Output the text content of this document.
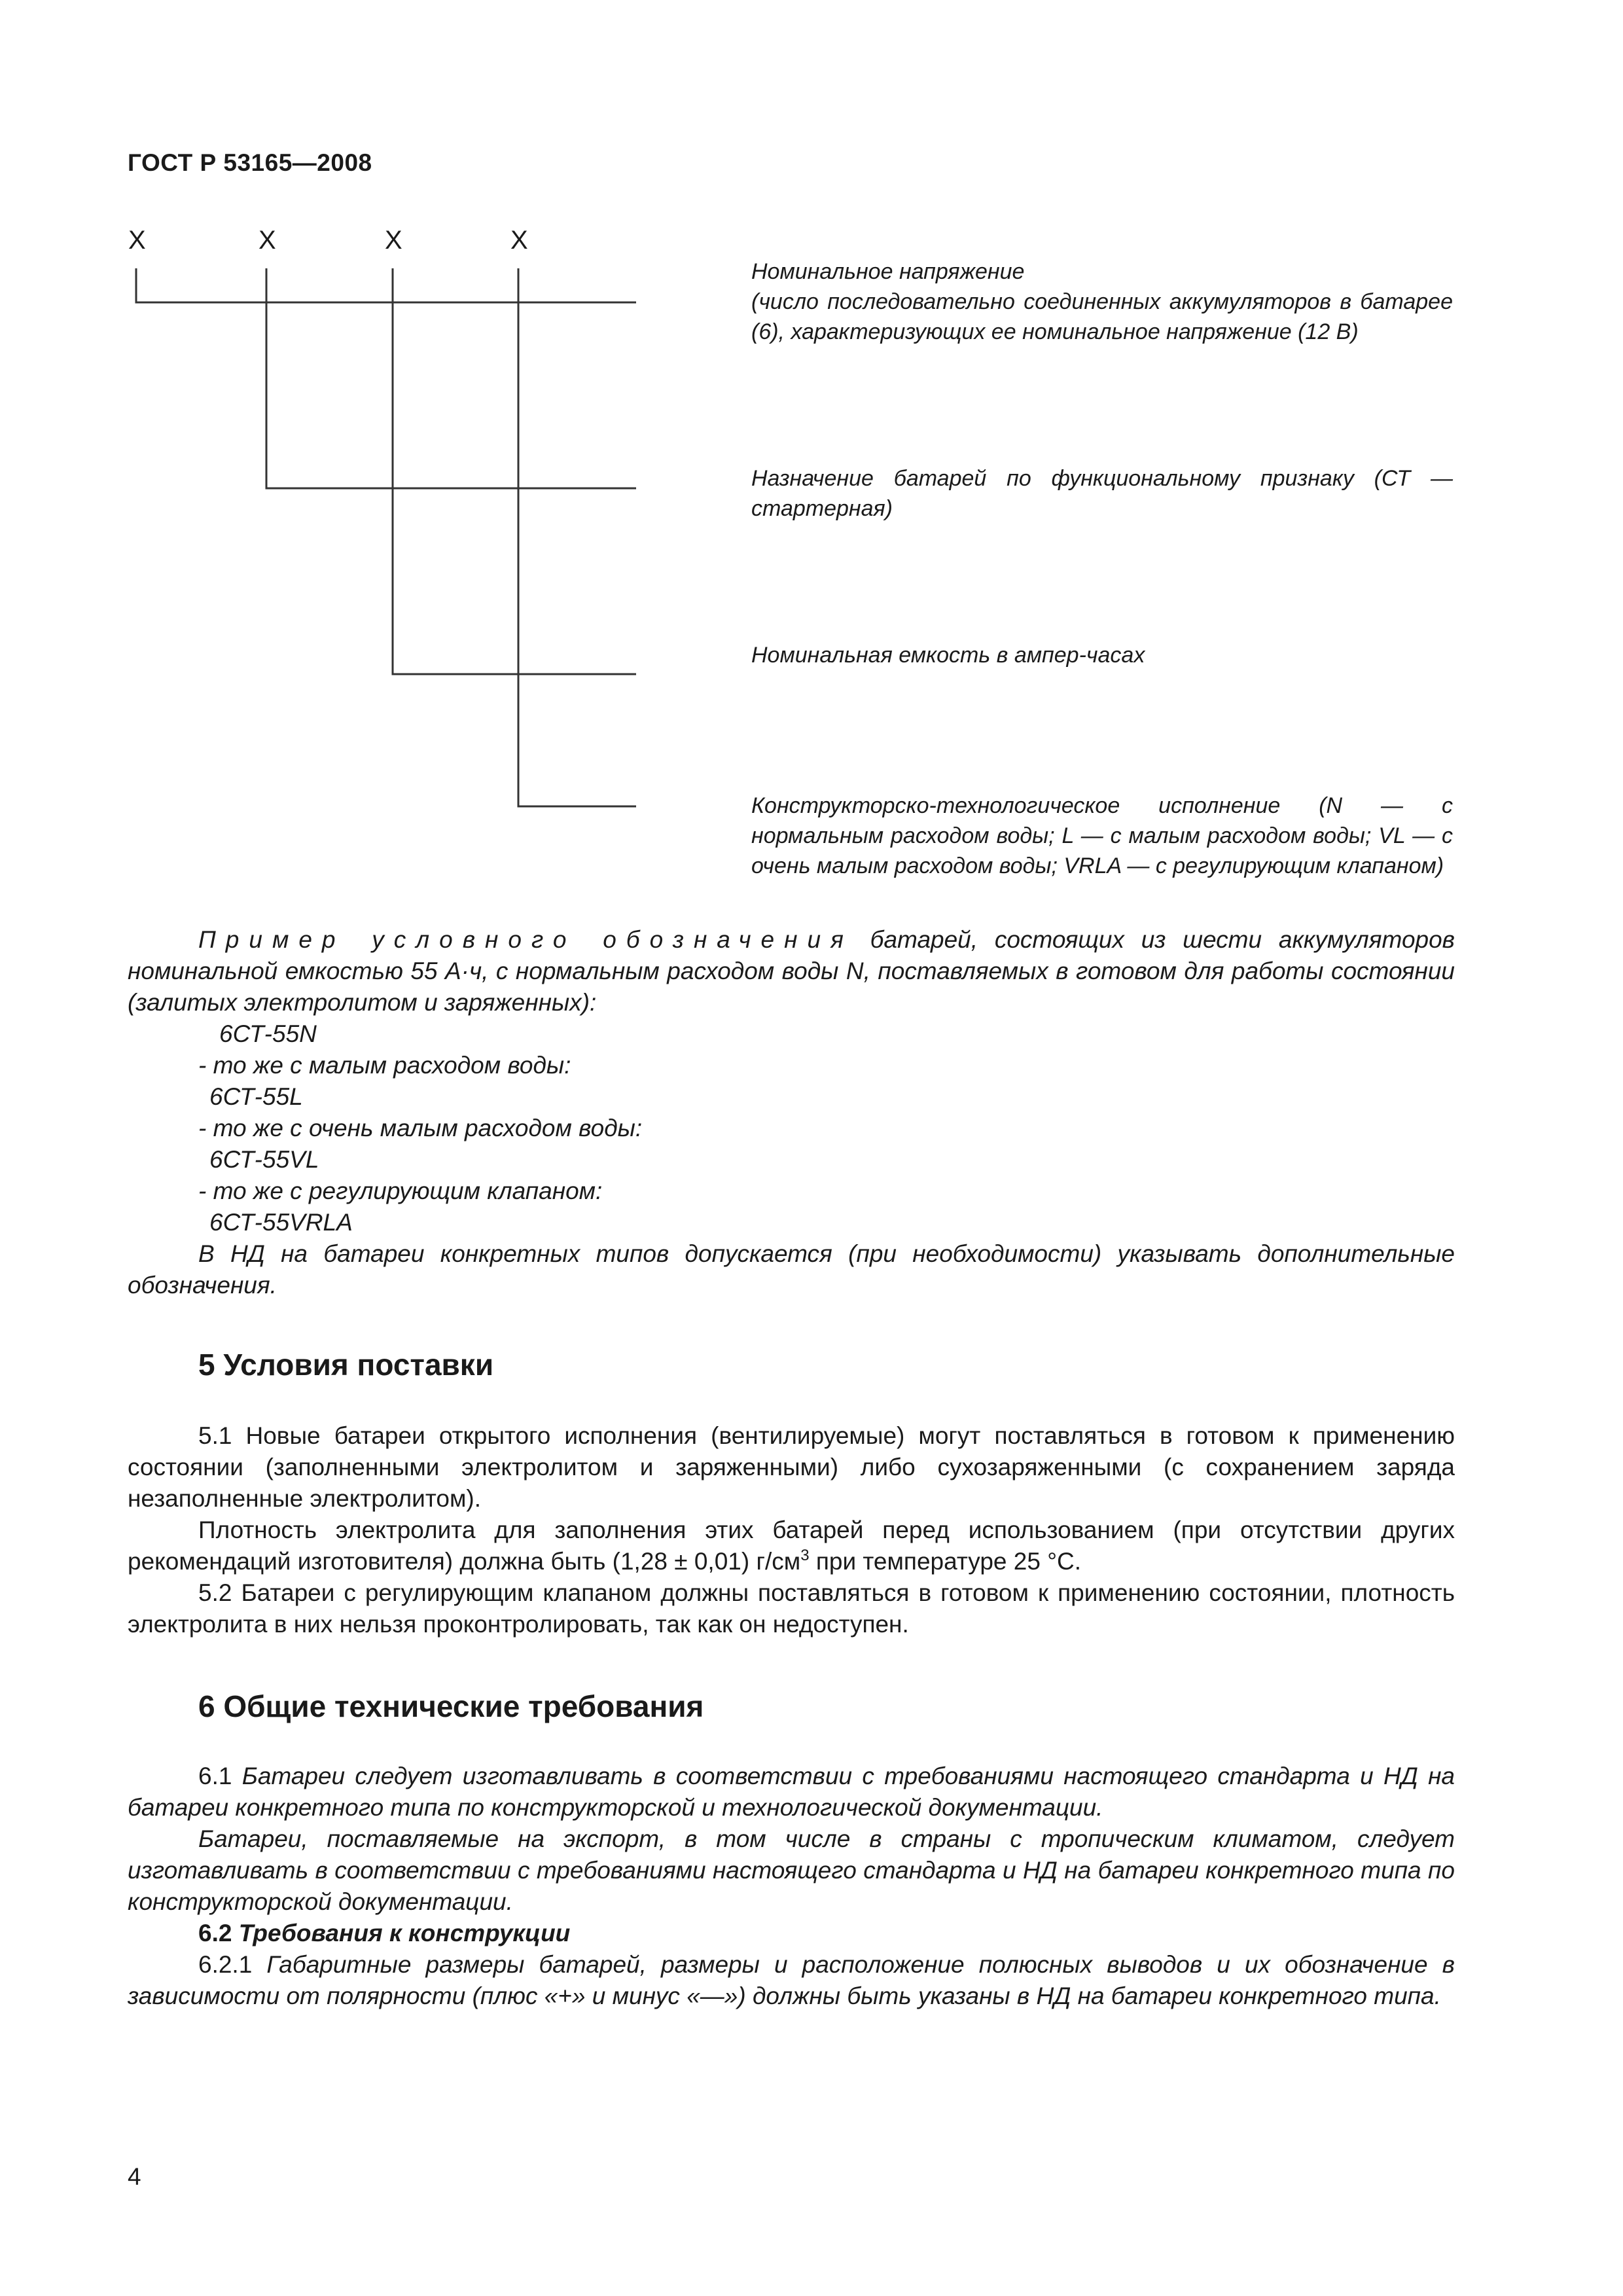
ГОСТ Р 53165—2008
Х	Х	Х	Х
Номинальное напряжение
(число последовательно соединенных аккумуляторов в батарее (6), характеризующих ее номинальное напряжение (12 В)
Назначение батарей по функциональному признаку (СТ — стартерная)
Номинальная емкость в ампер-часах
Конструкторско-технологическое исполнение (N — с нормальным расходом воды; L — с малым расходом воды; VL — с очень малым расходом воды; VRLA — с регулирующим клапаном)

Пример условного обозначения батарей, состоящих из шести аккумуляторов номинальной емкостью 55 А·ч, с нормальным расходом воды N, поставляемых в готовом для работы состоянии (залитых электролитом и заряженных):

6СТ-55N

- то же с малым расходом воды:

6СТ-55L

- то же с очень малым расходом воды:

6СТ-55VL

- то же с регулирующим клапаном:

6СТ-55VRLA

В НД на батареи конкретных типов допускается (при необходимости) указывать дополнительные обозначения.

5 Условия поставки

5.1 Новые батареи открытого исполнения (вентилируемые) могут поставляться в готовом к применению состоянии (заполненными электролитом и заряженными) либо сухозаряженными (с сохранением заряда незаполненные электролитом).

Плотность электролита для заполнения этих батарей перед использованием (при отсутствии других рекомендаций изготовителя) должна быть (1,28 ± 0,01) $г/см^3$ при температуре 25 °С.

5.2 Батареи с регулирующим клапаном должны поставляться в готовом к применению состоянии, плотность электролита в них нельзя проконтролировать, так как он недоступен.

6 Общие технические требования

6.1 Батареи следует изготавливать в соответствии с требованиями настоящего стандарта и НД на батареи конкретного типа по конструкторской и технологической документации.

Батареи, поставляемые на экспорт, в том числе в страны с тропическим климатом, следует изготавливать в соответствии с требованиями настоящего стандарта и НД на батареи конкретного типа по конструкторской документации.

6.2 Требования к конструкции

6.2.1 Габаритные размеры батарей, размеры и расположение полюсных выводов и их обозначение в зависимости от полярности (плюс «+» и минус «—») должны быть указаны в НД на батареи конкретного типа.

4
